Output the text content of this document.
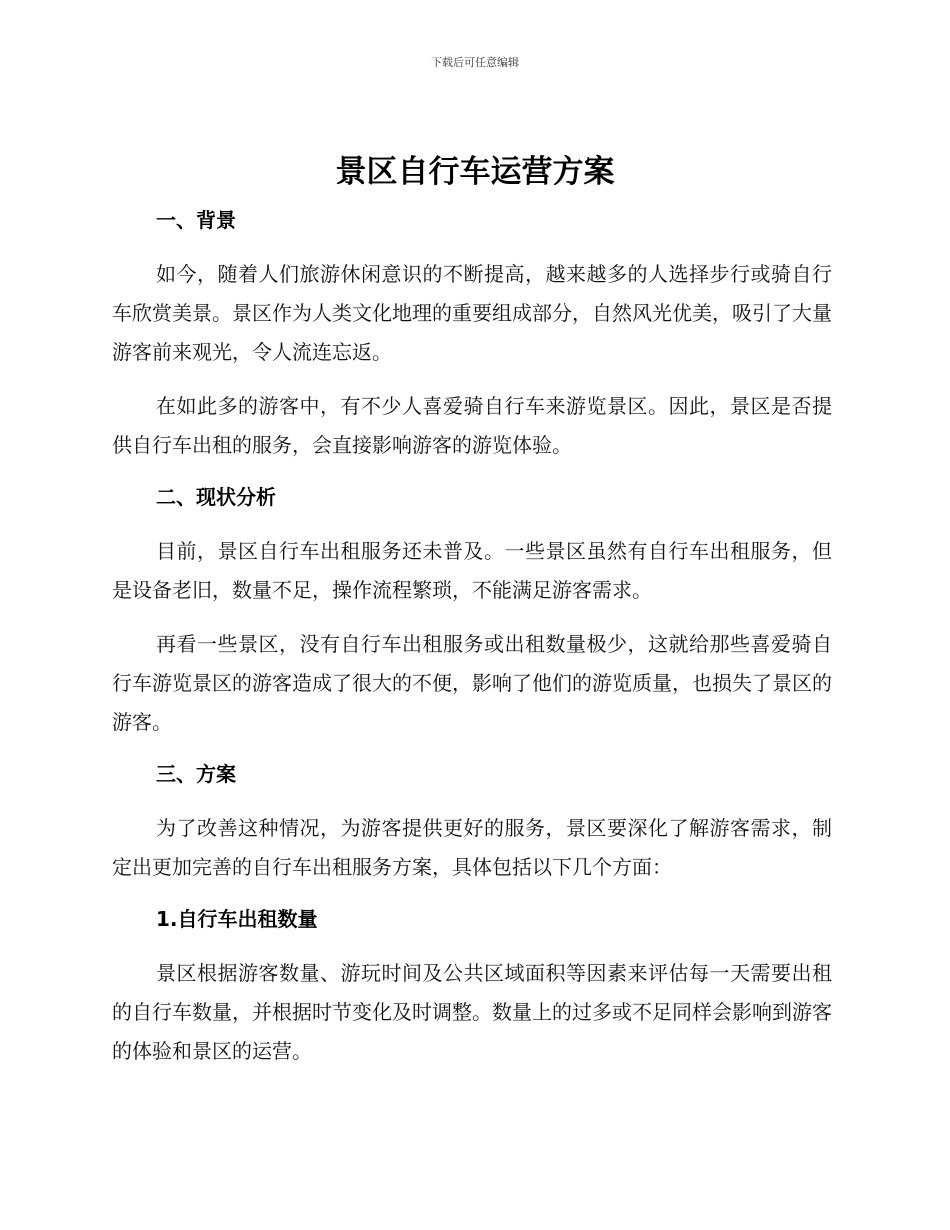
下载后可任意编辑
景区自行车运营方案
一、背景

如今，随着人们旅游休闲意识的不断提高，越来越多的人选择步行或骑自行车欣赏美景。景区作为人类文化地理的重要组成部分，自然风光优美，吸引了大量游客前来观光，令人流连忘返。

在如此多的游客中，有不少人喜爱骑自行车来游览景区。因此，景区是否提供自行车出租的服务，会直接影响游客的游览体验。

二、现状分析

目前，景区自行车出租服务还未普及。一些景区虽然有自行车出租服务，但是设备老旧，数量不足，操作流程繁琐，不能满足游客需求。

再看一些景区，没有自行车出租服务或出租数量极少，这就给那些喜爱骑自行车游览景区的游客造成了很大的不便，影响了他们的游览质量，也损失了景区的游客。

三、方案

为了改善这种情况，为游客提供更好的服务，景区要深化了解游客需求，制定出更加完善的自行车出租服务方案，具体包括以下几个方面：

1.自行车出租数量

景区根据游客数量、游玩时间及公共区域面积等因素来评估每一天需要出租的自行车数量，并根据时节变化及时调整。数量上的过多或不足同样会影响到游客的体验和景区的运营。
